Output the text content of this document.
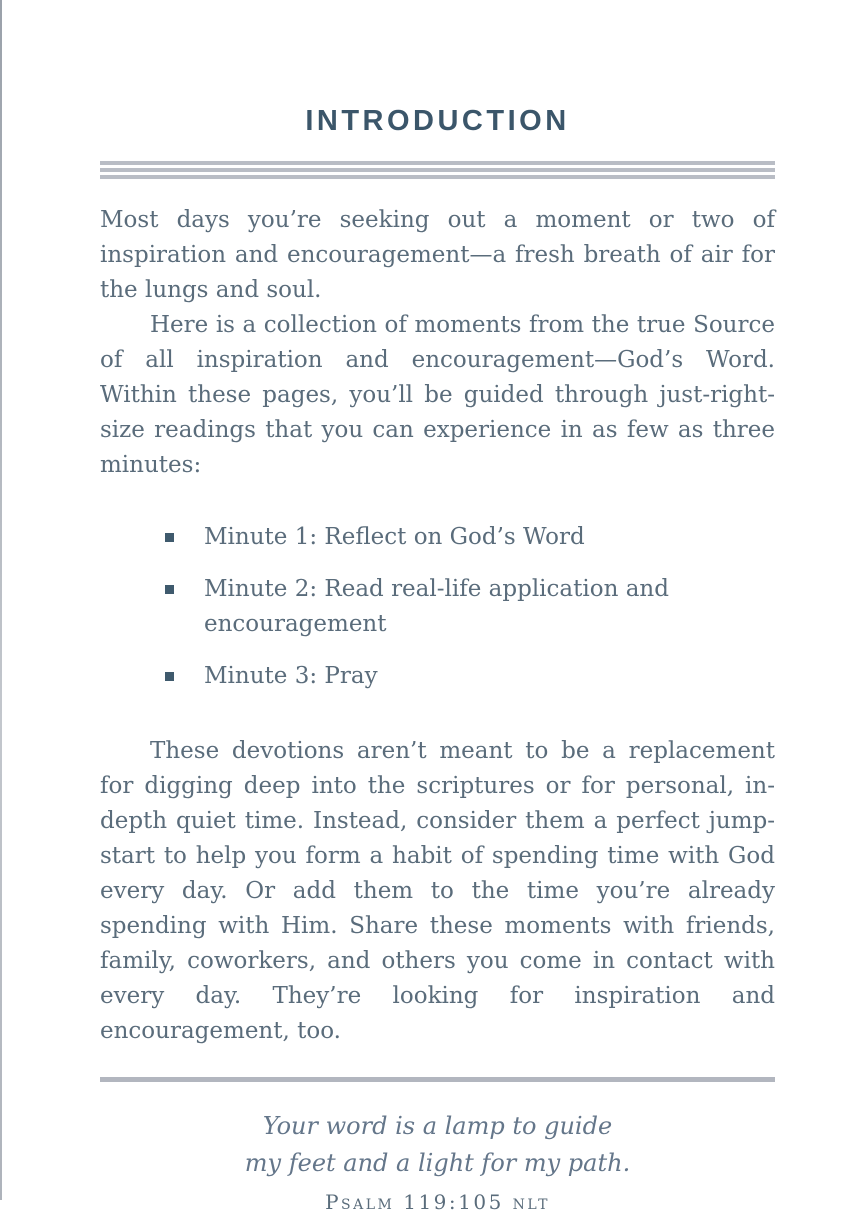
INTRODUCTION

Most days you’re seeking out a moment or two of inspiration and encouragement—a fresh breath of air for the lungs and soul.

Here is a collection of moments from the true Source of all inspiration and encouragement—God’s Word. Within these pages, you’ll be guided through just-right-size readings that you can experience in as few as three minutes:

Minute 1: Reflect on God’s Word
Minute 2: Read real-life application and encouragement
Minute 3: Pray

These devotions aren’t meant to be a replacement for digging deep into the scriptures or for personal, in-depth quiet time. Instead, consider them a perfect jump-start to help you form a habit of spending time with God every day. Or add them to the time you’re already spending with Him. Share these moments with friends, family, coworkers, and others you come in contact with every day. They’re looking for inspiration and encouragement, too.

Your word is a lamp to guide
my feet and a light for my path.
Psalm 119:105 nlt
